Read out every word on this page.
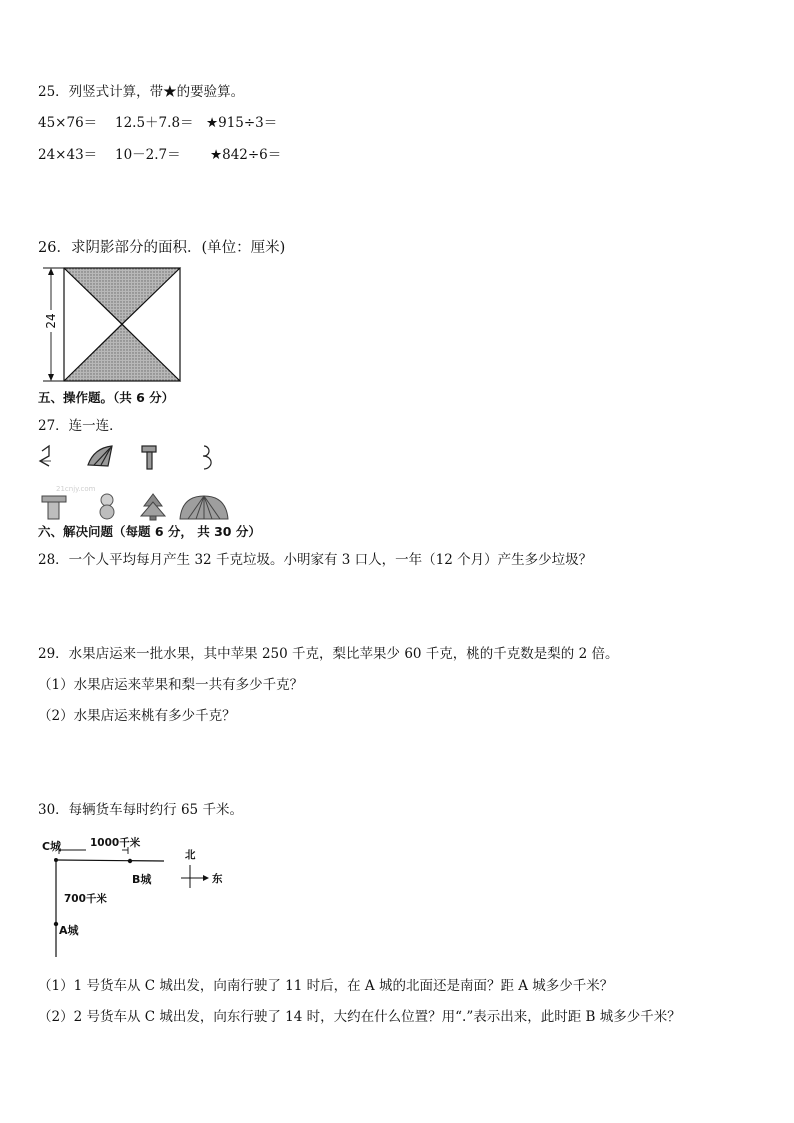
25．列竖式计算，带★的要验算。
45×76＝ 12.5＋7.8＝ ★915÷3＝
24×43＝ 10－2.7＝ ★842÷6＝
26．求阴影部分的面积．(单位：厘米)
24
五、操作题。（共 6 分）
27．连一连．
21cnjy.com
六、解决问题（每题 6 分， 共 30 分）
28．一个人平均每月产生 32 千克垃圾。小明家有 3 口人，一年（12 个月）产生多少垃圾？
29．水果店运来一批水果，其中苹果 250 千克，梨比苹果少 60 千克，桃的千克数是梨的 2 倍。
（1）水果店运来苹果和梨一共有多少千克？
（2）水果店运来桃有多少千克？
30．每辆货车每时约行 65 千米。
C城	1000千米
B城
700千米
A城
北
东
（1）1 号货车从 C 城出发，向南行驶了 11 时后，在 A 城的北面还是南面？距 A 城多少千米？
（2）2 号货车从 C 城出发，向东行驶了 14 时，大约在什么位置？用“.”表示出来，此时距 B 城多少千米？
